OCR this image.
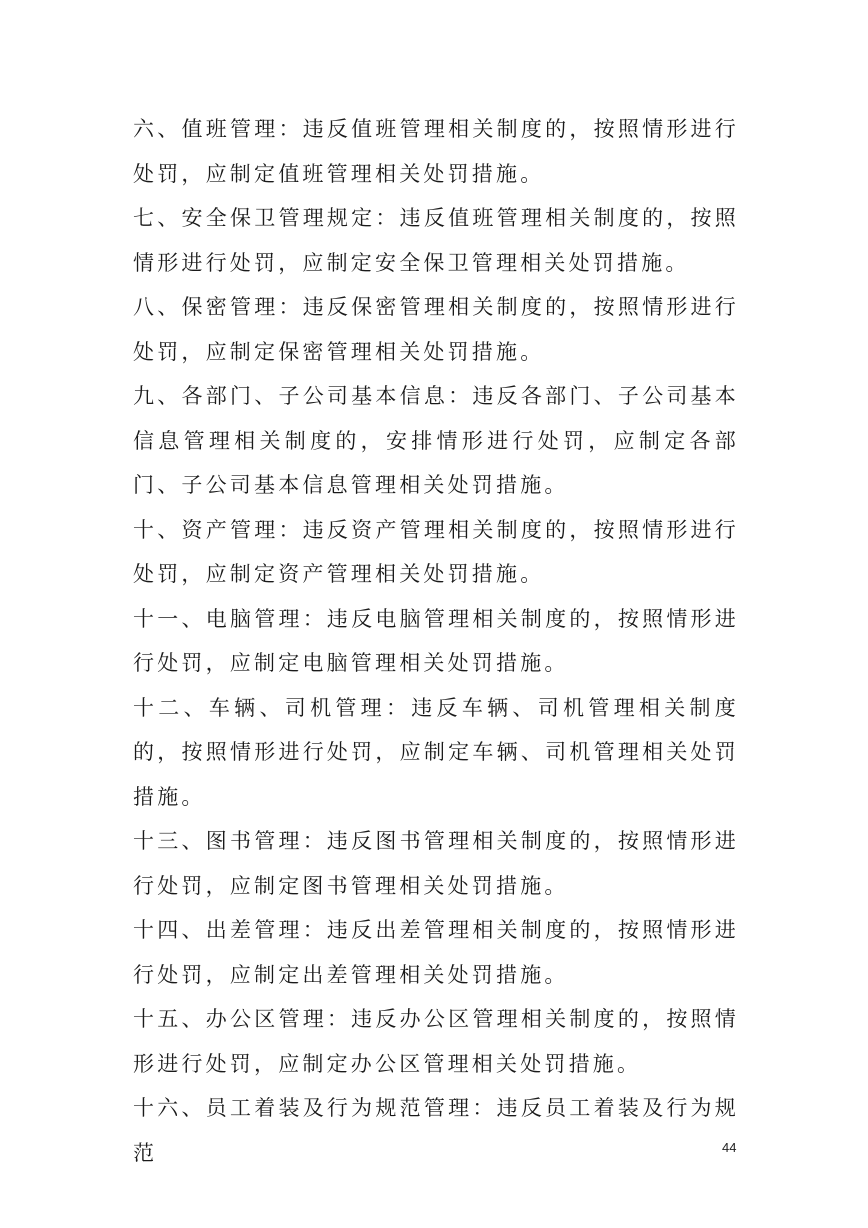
六、值班管理：违反值班管理相关制度的，按照情形进行处罚，应制定值班管理相关处罚措施。

七、安全保卫管理规定：违反值班管理相关制度的，按照情形进行处罚，应制定安全保卫管理相关处罚措施。

八、保密管理：违反保密管理相关制度的，按照情形进行处罚，应制定保密管理相关处罚措施。

九、各部门、子公司基本信息：违反各部门、子公司基本信息管理相关制度的，安排情形进行处罚，应制定各部门、子公司基本信息管理相关处罚措施。

十、资产管理：违反资产管理相关制度的，按照情形进行处罚，应制定资产管理相关处罚措施。

十一、电脑管理：违反电脑管理相关制度的，按照情形进行处罚，应制定电脑管理相关处罚措施。

十二、车辆、司机管理：违反车辆、司机管理相关制度的，按照情形进行处罚，应制定车辆、司机管理相关处罚措施。

十三、图书管理：违反图书管理相关制度的，按照情形进行处罚，应制定图书管理相关处罚措施。

十四、出差管理：违反出差管理相关制度的，按照情形进行处罚，应制定出差管理相关处罚措施。

十五、办公区管理：违反办公区管理相关制度的，按照情形进行处罚，应制定办公区管理相关处罚措施。

十六、员工着装及行为规范管理：违反员工着装及行为规范	44
